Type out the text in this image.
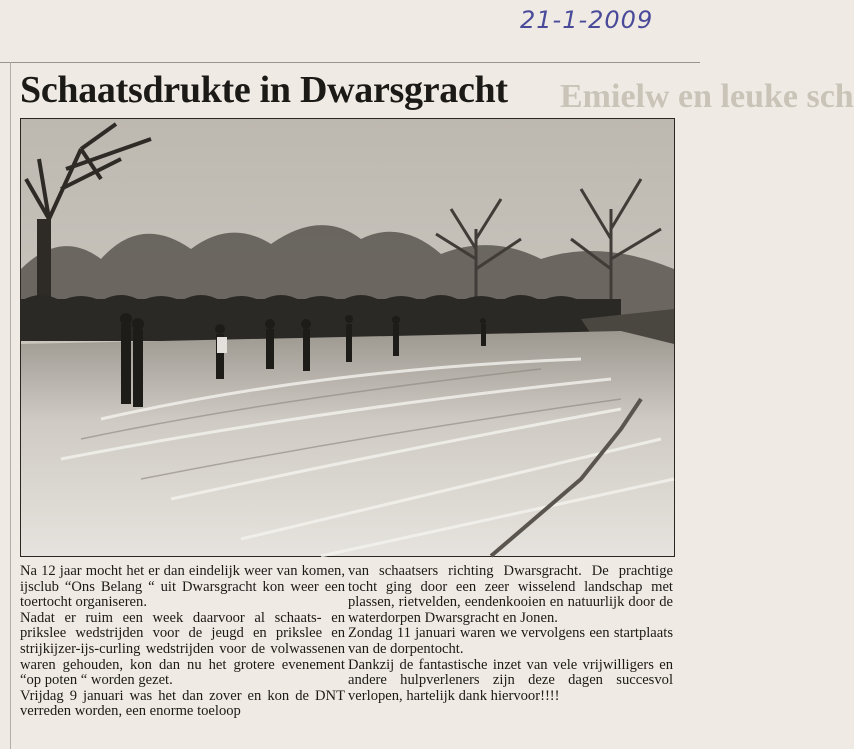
21-1-2009
Emielw en leuke sch
Schaatsdrukte in Dwarsgracht

Na 12 jaar mocht het er dan eindelijk weer van komen, ijsclub “Ons Belang “ uit Dwarsgracht kon weer een toertocht organiseren.

Nadat er ruim een week daarvoor al schaats- en prikslee wedstrijden voor de jeugd en prikslee en strijkijzer-ijs-curling wedstrijden voor de volwassenen waren gehouden, kon dan nu het grotere evenement “op poten “ worden gezet.

Vrijdag 9 januari was het dan zover en kon de DNT verreden worden, een enorme toeloop

van schaatsers richting Dwarsgracht. De prachtige tocht ging door een zeer wisselend landschap met plassen, rietvelden, eendenkooien en natuurlijk door de waterdorpen Dwarsgracht en Jonen.

Zondag 11 januari waren we vervolgens een startplaats van de dorpentocht.

Dankzij de fantastische inzet van vele vrijwilligers en andere hulpverleners zijn deze dagen succesvol verlopen, hartelijk dank hiervoor!!!!
